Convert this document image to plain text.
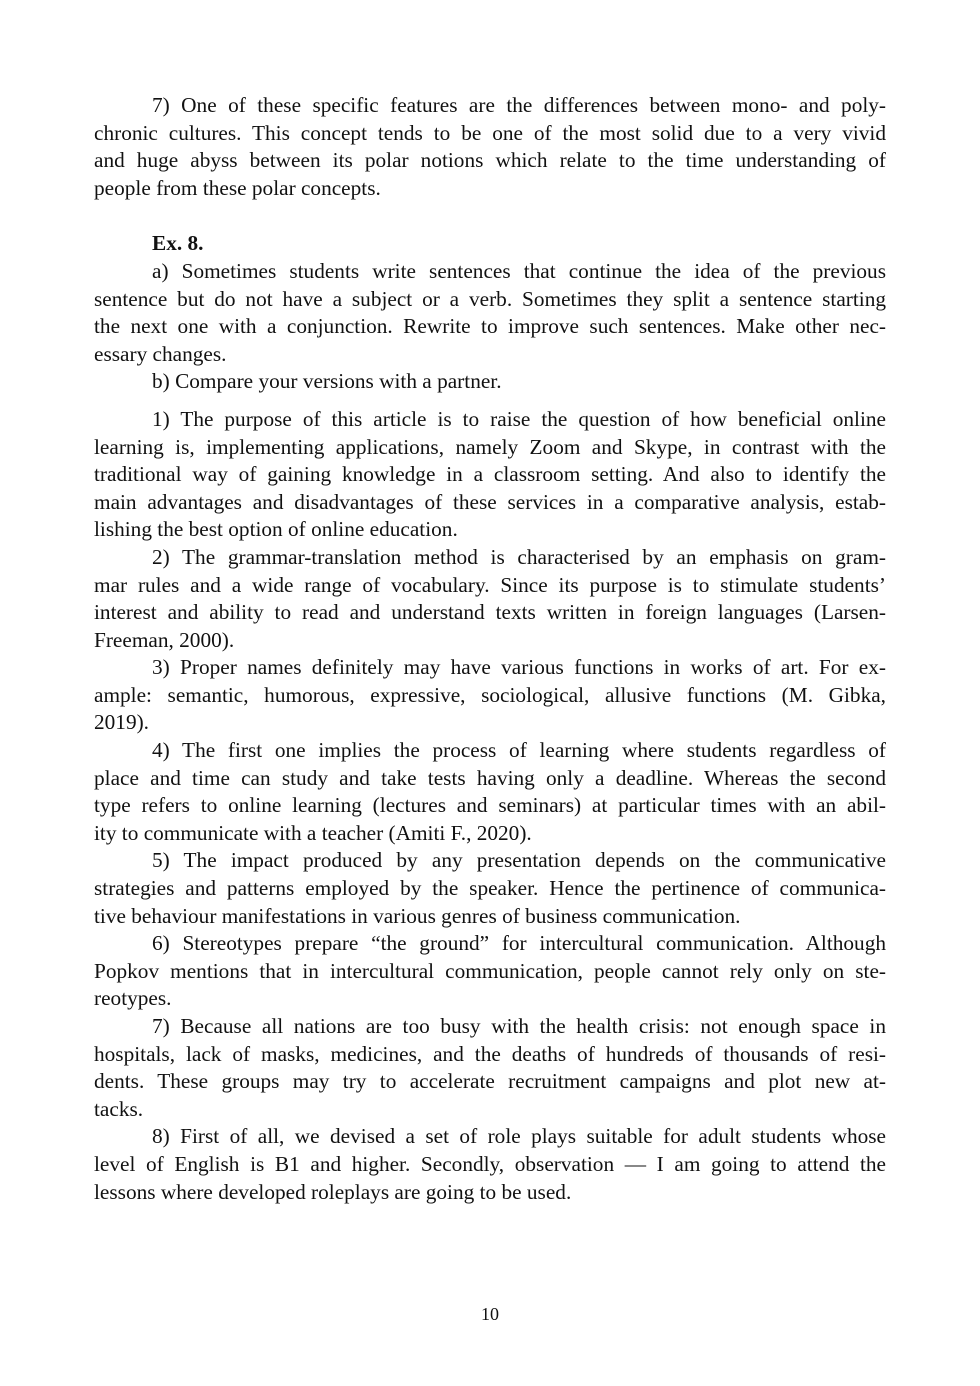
7) One of these specific features are the differences between mono- and poly-
chronic cultures. This concept tends to be one of the most solid due to a very vivid
and huge abyss between its polar notions which relate to the time understanding of
people from these polar concepts.
Ex. 8.
a) Sometimes students write sentences that continue the idea of the previous
sentence but do not have a subject or a verb. Sometimes they split a sentence starting
the next one with a conjunction. Rewrite to improve such sentences. Make other nec-
essary changes.
b) Compare your versions with a partner.
1) The purpose of this article is to raise the question of how beneficial online
learning is, implementing applications, namely Zoom and Skype, in contrast with the
traditional way of gaining knowledge in a classroom setting. And also to identify the
main advantages and disadvantages of these services in a comparative analysis, estab-
lishing the best option of online education.
2) The grammar-translation method is characterised by an emphasis on gram-
mar rules and a wide range of vocabulary. Since its purpose is to stimulate students’
interest and ability to read and understand texts written in foreign languages (Larsen-
Freeman, 2000).
3) Proper names definitely may have various functions in works of art. For ex-
ample: semantic, humorous, expressive, sociological, allusive functions (M. Gibka,
2019).
4) The first one implies the process of learning where students regardless of
place and time can study and take tests having only a deadline. Whereas the second
type refers to online learning (lectures and seminars) at particular times with an abil-
ity to communicate with a teacher (Amiti F., 2020).
5) The impact produced by any presentation depends on the communicative
strategies and patterns employed by the speaker. Hence the pertinence of communica-
tive behaviour manifestations in various genres of business communication.
6) Stereotypes prepare “the ground” for intercultural communication. Although
Popkov mentions that in intercultural communication, people cannot rely only on ste-
reotypes.
7) Because all nations are too busy with the health crisis: not enough space in
hospitals, lack of masks, medicines, and the deaths of hundreds of thousands of resi-
dents. These groups may try to accelerate recruitment campaigns and plot new at-
tacks.
8) First of all, we devised a set of role plays suitable for adult students whose
level of English is B1 and higher. Secondly, observation — I am going to attend the
lessons where developed roleplays are going to be used.
10
